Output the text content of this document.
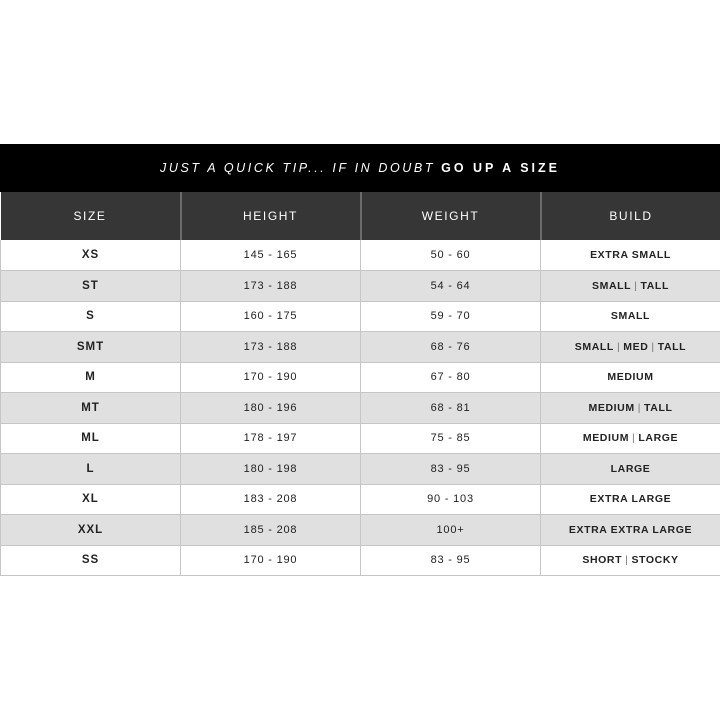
JUST A QUICK TIP... IF IN DOUBT GO UP A SIZE
SIZE	HEIGHT	WEIGHT	BUILD
XS	145 - 165	50 - 60	EXTRA SMALL
ST	173 - 188	54 - 64	SMALL | TALL
S	160 - 175	59 - 70	SMALL
SMT	173 - 188	68 - 76	SMALL | MED | TALL
M	170 - 190	67 - 80	MEDIUM
MT	180 - 196	68 - 81	MEDIUM | TALL
ML	178 - 197	75 - 85	MEDIUM | LARGE
L	180 - 198	83 - 95	LARGE
XL	183 - 208	90 - 103	EXTRA LARGE
XXL	185 - 208	100+	EXTRA EXTRA LARGE
SS	170 - 190	83 - 95	SHORT | STOCKY
